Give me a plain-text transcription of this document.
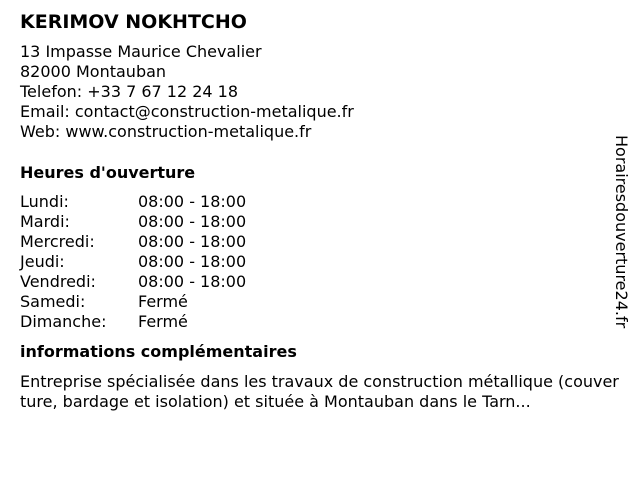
KERIMOV NOKHTCHO
13 Impasse Maurice Chevalier
82000 Montauban
Telefon: +33 7 67 12 24 18
Email: contact@construction-metalique.fr
Web: www.construction-metalique.fr
Heures d'ouverture
Lundi:	08:00 - 18:00
Mardi:	08:00 - 18:00
Mercredi:	08:00 - 18:00
Jeudi:	08:00 - 18:00
Vendredi:	08:00 - 18:00
Samedi:	Fermé
Dimanche:	Fermé
informations complémentaires
Entreprise spécialisée dans les travaux de construction métallique (couverture, bardage et isolation) et située à Montauban dans le Tarn...
Horairesdouverture24.fr
